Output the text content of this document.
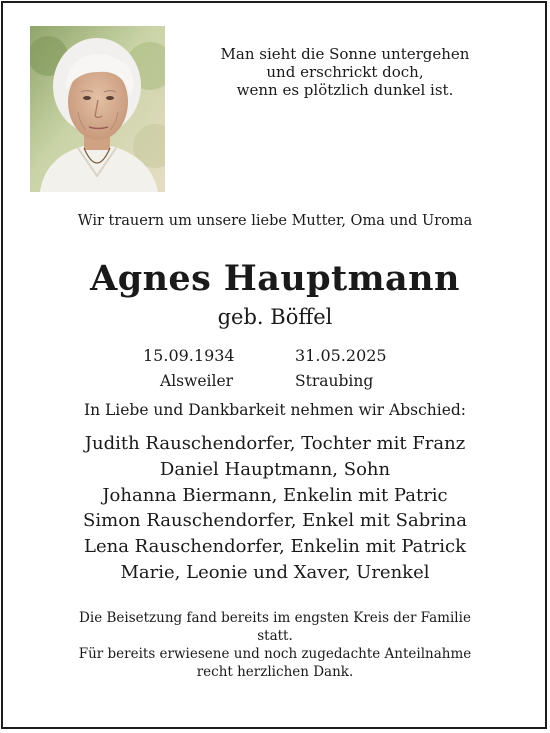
Man sieht die Sonne untergehen
und erschrickt doch,
wenn es plötzlich dunkel ist.
Wir trauern um unsere liebe Mutter, Oma und Uroma
Agnes Hauptmann
geb. Böffel
15.09.1934	31.05.2025
Alsweiler	Straubing
In Liebe und Dankbarkeit nehmen wir Abschied:
Judith Rauschendorfer, Tochter mit Franz
Daniel Hauptmann, Sohn
Johanna Biermann, Enkelin mit Patric
Simon Rauschendorfer, Enkel mit Sabrina
Lena Rauschendorfer, Enkelin mit Patrick
Marie, Leonie und Xaver, Urenkel
Die Beisetzung fand bereits im engsten Kreis der Familie
statt.
Für bereits erwiesene und noch zugedachte Anteilnahme
recht herzlichen Dank.
